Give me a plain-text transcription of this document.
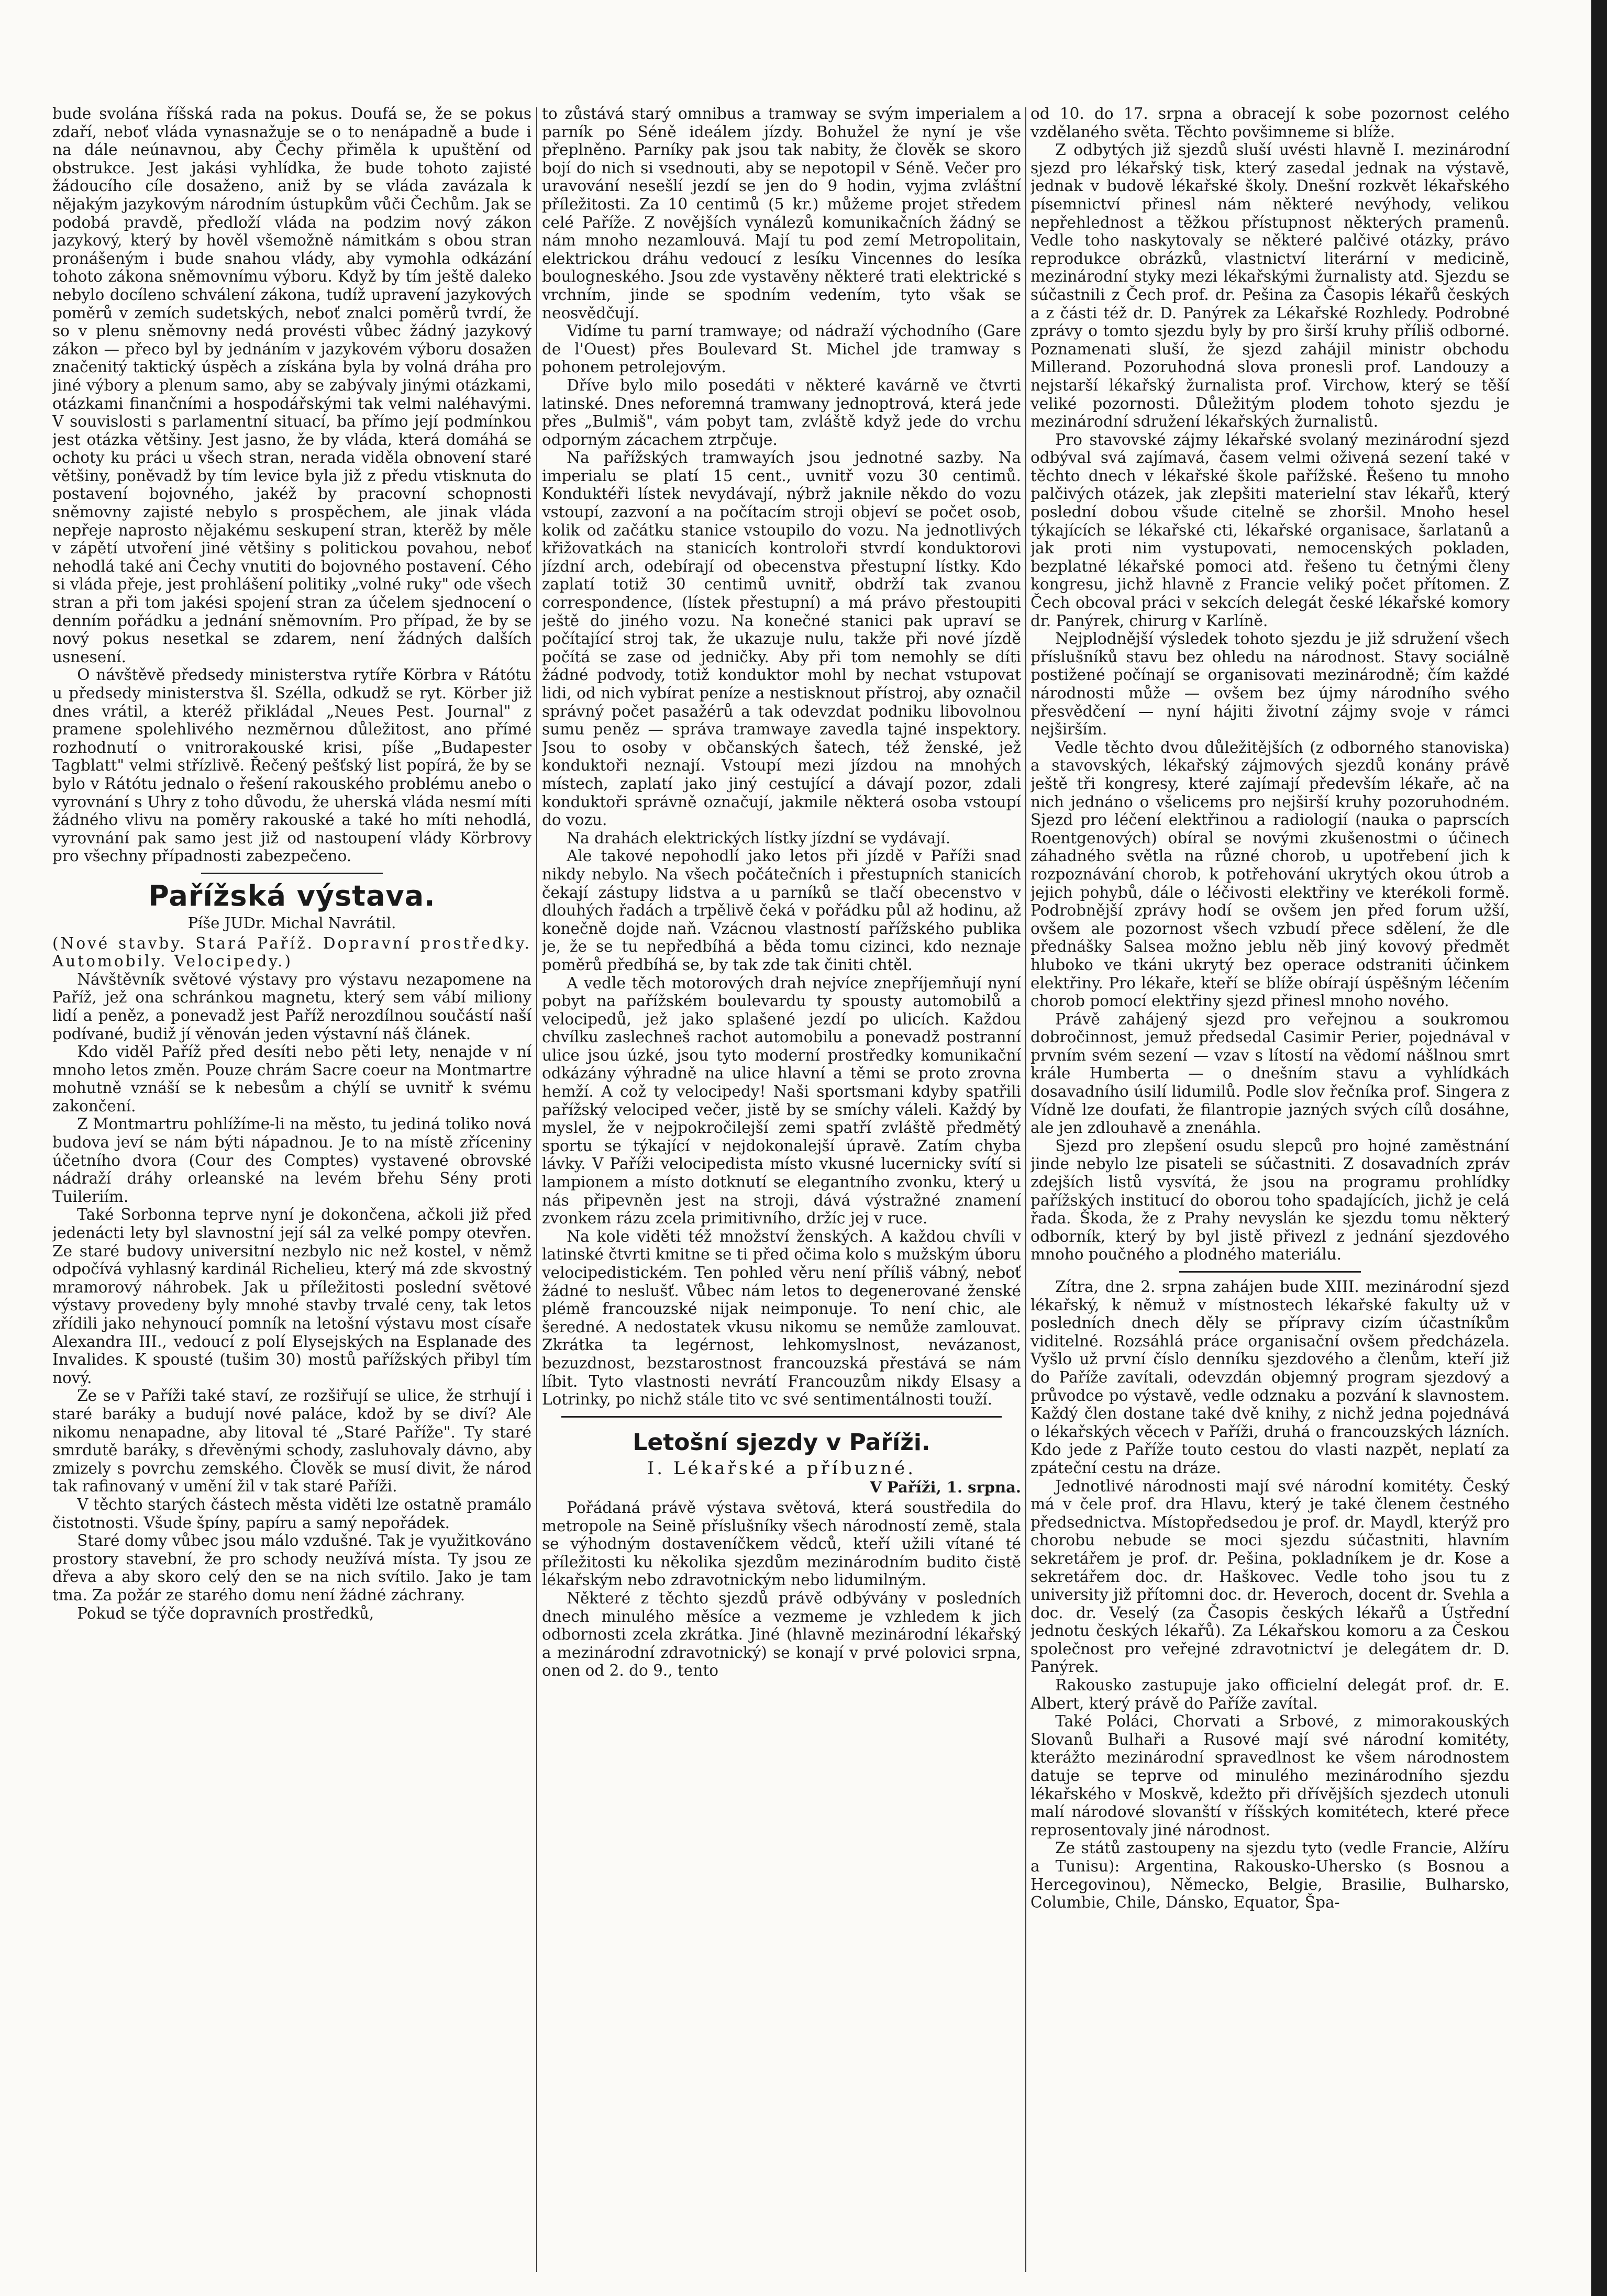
bude svolána říšská rada na pokus. Doufá se, že se pokus zdaří, neboť vláda vynasnažuje se o to nenápadně a bude i na dále neúnavnou, aby Čechy přiměla k upuštění od obstrukce. Jest jakási vyhlídka, že bude tohoto zajisté žádoucího cíle dosaženo, aniž by se vláda zavázala k nějakým jazykovým národním ústupkům vůči Čechům. Jak se podobá pravdě, předloží vláda na podzim nový zákon jazykový, který by hověl všemožně námitkám s obou stran pronášeným i bude snahou vlády, aby vymohla odkázání tohoto zákona sněmovnímu výboru. Když by tím ještě daleko nebylo docíleno schválení zákona, tudíž upravení jazykových poměrů v zemích sudetských, neboť znalci poměrů tvrdí, že so v plenu sněmovny nedá provésti vůbec žádný jazykový zákon — přeco byl by jednáním v jazykovém výboru dosažen značenitý taktický úspěch a získána byla by volná dráha pro jiné výbory a plenum samo, aby se zabývaly jinými otázkami, otázkami finančními a hospodářskými tak velmi naléhavými. V souvislosti s parlamentní situací, ba přímo její podmínkou jest otázka většiny. Jest jasno, že by vláda, která domáhá se ochoty ku práci u všech stran, nerada viděla obnovení staré většiny, poněvadž by tím levice byla již z předu vtisknuta do postavení bojovného, jakéž by pracovní schopnosti sněmovny zajisté nebylo s prospěchem, ale jinak vláda nepřeje naprosto nějakému seskupení stran, kterěž by měle v zápětí utvoření jiné většiny s politickou povahou, neboť nehodlá také ani Čechy vnutiti do bojovného postavení. Cého si vláda přeje, jest prohlášení politiky „volné ruky" ode všech stran a při tom jakési spojení stran za účelem sjednocení o denním pořádku a jednání sněmovním. Pro případ, že by se nový pokus nesetkal se zdarem, není žádných dalších usnesení.

O návštěvě předsedy ministerstva rytíře Körbra v Rátótu u předsedy ministerstva šl. Szélla, odkudž se ryt. Körber již dnes vrátil, a kteréž přikládal „Neues Pest. Journal" z pramene spolehlivého nezměrnou důležitost, ano přímé rozhodnutí o vnitrorakouské krisi, píše „Budapester Tagblatt" velmi střízlivě. Řečený pešťský list popírá, že by se bylo v Rátótu jednalo o řešení rakouského problému anebo o vyrovnání s Uhry z toho důvodu, že uherská vláda nesmí míti žádného vlivu na poměry rakouské a také ho míti nehodlá, vyrovnání pak samo jest již od nastoupení vlády Körbrovy pro všechny případnosti zabezpečeno.

Pařížská výstava.
Píše JUDr. Michal Navrátil.

(Nové stavby. Stará Paříž. Dopravní prostředky. Automobily. Velocipedy.)

Návštěvník světové výstavy pro výstavu nezapomene na Paříž, jež ona schránkou magnetu, který sem vábí miliony lidí a peněz, a ponevadž jest Paříž nerozdílnou součástí naší podívané, budiž jí věnován jeden výstavní náš článek.

Kdo viděl Paříž před desíti nebo pěti lety, nenajde v ní mnoho letos změn. Pouze chrám Sacre coeur na Montmartre mohutně vznáší se k nebesům a chýlí se uvnitř k svému zakončení.

Z Montmartru pohlížíme-li na město, tu jediná toliko nová budova jeví se nám býti nápadnou. Je to na místě zříceniny účetního dvora (Cour des Comptes) vystavené obrovské nádraží dráhy orleanské na levém břehu Sény proti Tuileriím.

Také Sorbonna teprve nyní je dokončena, ačkoli již před jedenácti lety byl slavnostní její sál za velké pompy otevřen. Ze staré budovy universitní nezbylo nic než kostel, v němž odpočívá vyhlasný kardinál Richelieu, který má zde skvostný mramorový náhrobek. Jak u příležitosti poslední světové výstavy provedeny byly mnohé stavby trvalé ceny, tak letos zřídili jako nehynoucí pomník na letošní výstavu most císaře Alexandra III., vedoucí z polí Elysejských na Esplanade des Invalides. K spousté (tušim 30) mostů pařížských přibyl tím nový.

Ze se v Paříži také staví, ze rozšiřují se ulice, že strhují i staré baráky a budují nové paláce, kdož by se diví? Ale nikomu nenapadne, aby litoval té „Staré Paříže". Ty staré smrdutě baráky, s dřevěnými schody, zasluhovaly dávno, aby zmizely s povrchu zemského. Člověk se musí divit, že národ tak rafinovaný v umění žil v tak staré Paříži.

V těchto starých částech města viděti lze ostatně pramálo čistotnosti. Všude špíny, papíru a samý nepořádek.

Staré domy vůbec jsou málo vzdušné. Tak je využitkováno prostory stavební, že pro schody neužívá místa. Ty jsou ze dřeva a aby skoro celý den se na nich svítilo. Jako je tam tma. Za požár ze starého domu není žádné záchrany.

Pokud se týče dopravních prostředků,

to zůstává starý omnibus a tramway se svým imperialem a parník po Séně ideálem jízdy. Bohužel že nyní je vše přeplněno. Parníky pak jsou tak nabity, že člověk se skoro bojí do nich si vsednouti, aby se nepotopil v Séně. Večer pro uravování nesešlí jezdí se jen do 9 hodin, vyjma zvláštní příležitosti. Za 10 centimů (5 kr.) můžeme projet středem celé Paříže. Z novějších vynálezů komunikačních žádný se nám mnoho nezamlouvá. Mají tu pod zemí Metropolitain, elektrickou dráhu vedoucí z lesíku Vincennes do lesíka boulogneského. Jsou zde vystavěny některé trati elektrické s vrchním, jinde se spodním vedením, tyto však se neosvědčují.

Vidíme tu parní tramwaye; od nádraží východního (Gare de l'Ouest) přes Boulevard St. Michel jde tramway s pohonem petrolejovým.

Dříve bylo milo posedáti v některé kavárně ve čtvrti latinské. Dnes neforemná tramwany jednoptrová, která jede přes „Bulmiš", vám pobyt tam, zvláště když jede do vrchu odporným zácachem ztrpčuje.

Na pařížských tramwayích jsou jednotné sazby. Na imperialu se platí 15 cent., uvnitř vozu 30 centimů. Konduktéři lístek nevydávají, nýbrž jaknile někdo do vozu vstoupí, zazvoní a na počítacím stroji objeví se počet osob, kolik od začátku stanice vstoupilo do vozu. Na jednotlivých křižovatkách na stanicích kontroloři stvrdí konduktorovi jízdní arch, odebírají od obecenstva přestupní lístky. Kdo zaplatí totiž 30 centimů uvnitř, obdrží tak zvanou correspondence, (lístek přestupní) a má právo přestoupiti ještě do jiného vozu. Na konečné stanici pak upraví se počítající stroj tak, že ukazuje nulu, takže při nové jízdě počítá se zase od jedničky. Aby při tom nemohly se díti žádné podvody, totiž konduktor mohl by nechat vstupovat lidi, od nich vybírat peníze a nestisknout přístroj, aby označil správný počet pasažérů a tak odevzdat podniku libovolnou sumu peněz — správa tramwaye zavedla tajné inspektory. Jsou to osoby v občanských šatech, též ženské, jež konduktoři neznají. Vstoupí mezi jízdou na mnohých místech, zaplatí jako jiný cestující a dávají pozor, zdali konduktoři správně označují, jakmile některá osoba vstoupí do vozu.

Na drahách elektrických lístky jízdní se vydávají.

Ale takové nepohodlí jako letos při jízdě v Paříži snad nikdy nebylo. Na všech počátečních i přestupních stanicích čekají zástupy lidstva a u parníků se tlačí obecenstvo v dlouhých řadách a trpělivě čeká v pořádku půl až hodinu, až konečně dojde naň. Vzácnou vlastností pařížského publika je, že se tu nepředbíhá a běda tomu cizinci, kdo neznaje poměrů předbíhá se, by tak zde tak činiti chtěl.

A vedle těch motorových drah nejvíce znepříjemňují nyní pobyt na pařížském boulevardu ty spousty automobilů a velocipedů, jež jako splašené jezdí po ulicích. Každou chvílku zaslechneš rachot automobilu a ponevadž postranní ulice jsou úzké, jsou tyto moderní prostředky komunikační odkázány výhradně na ulice hlavní a těmi se proto zrovna hemží. A což ty velocipedy! Naši sportsmani kdyby spatřili pařížský velociped večer, jistě by se smíchy váleli. Každý by myslel, že v nejpokročilejší zemi spatří zvláště předmětý sportu se týkající v nejdokonalejší úpravě. Zatím chyba lávky. V Paříži velocipedista místo vkusné lucernicky svítí si lampionem a místo dotknutí se elegantního zvonku, který u nás připevněn jest na stroji, dává výstražné znamení zvonkem rázu zcela primitivního, držíc jej v ruce.

Na kole viděti též množství ženských. A každou chvíli v latinské čtvrti kmitne se ti před očima kolo s mužským úboru velocipedistickém. Ten pohled věru není příliš vábný, neboť žádné to neslušť. Vůbec nám letos to degenerované ženské plémě francouzské nijak neimponuje. To není chic, ale šeredné. A nedostatek vkusu nikomu se nemůže zamlouvat. Zkrátka ta legérnost, lehkomyslnost, nevázanost, bezuzdnost, bezstarostnost francouzská přestává se nám líbit. Tyto vlastnosti nevrátí Francouzům nikdy Elsasy a Lotrinky, po nichž stále tito vc své sentimentálnosti touží.

Letošní sjezdy v Paříži.
I. Lékařské a příbuzné.
V Paříži, 1. srpna.

Pořádaná právě výstava světová, která soustředila do metropole na Seině příslušníky všech národností země, stala se výhodným dostaveníčkem vědců, kteří užili vítané té příležitosti ku několika sjezdům mezinárodním budito čistě lékařským nebo zdravotnickým nebo lidumilným.

Některé z těchto sjezdů právě odbývány v posledních dnech minulého měsíce a vezmeme je vzhledem k jich odbornosti zcela zkrátka. Jiné (hlavně mezinárodní lékařský a mezinárodní zdravotnický) se konají v prvé polovici srpna, onen od 2. do 9., tento

od 10. do 17. srpna a obracejí k sobe pozornost celého vzdělaného světa. Těchto povšimneme si blíže.

Z odbytých již sjezdů sluší uvésti hlavně I. mezinárodní sjezd pro lékařský tisk, který zasedal jednak na výstavě, jednak v budově lékařské školy. Dnešní rozkvět lékařského písemnictví přinesl nám některé nevýhody, velikou nepřehlednost a těžkou přístupnost některých pramenů. Vedle toho naskytovaly se některé palčivé otázky, právo reprodukce obrázků, vlastnictví literární v medicině, mezinárodní styky mezi lékařskými žurnalisty atd. Sjezdu se súčastnili z Čech prof. dr. Pešina za Časopis lékařů českých a z části též dr. D. Panýrek za Lékařské Rozhledy. Podrobné zprávy o tomto sjezdu byly by pro širší kruhy příliš odborné. Poznamenati sluší, že sjezd zahájil ministr obchodu Millerand. Pozoruhodná slova pronesli prof. Landouzy a nejstarší lékařský žurnalista prof. Virchow, který se těší veliké pozornosti. Důležitým plodem tohoto sjezdu je mezinárodní sdružení lékařských žurnalistů.

Pro stavovské zájmy lékařské svolaný mezinárodní sjezd odbýval svá zajímavá, časem velmi oživená sezení také v těchto dnech v lékařské škole pařížské. Řešeno tu mnoho palčivých otázek, jak zlepšiti materielní stav lékařů, který poslední dobou všude citelně se zhoršil. Mnoho hesel týkajících se lékařské cti, lékařské organisace, šarlatanů a jak proti nim vystupovati, nemocenských pokladen, bezplatné lékařské pomoci atd. řešeno tu četnými členy kongresu, jichž hlavně z Francie veliký počet přítomen. Z Čech obcoval práci v sekcích delegát české lékařské komory dr. Panýrek, chirurg v Karlíně.

Nejplodnější výsledek tohoto sjezdu je již sdružení všech příslušníků stavu bez ohledu na národnost. Stavy sociálně postižené počínají se organisovati mezinárodně; čím každé národnosti může — ovšem bez újmy národního svého přesvědčení — nyní hájiti životní zájmy svoje v rámci nejširším.

Vedle těchto dvou důležitějších (z odborného stanoviska) a stavovských, lékařský zájmových sjezdů konány právě ještě tři kongresy, které zajímají především lékaře, ač na nich jednáno o všelicems pro nejširší kruhy pozoruhodném. Sjezd pro léčení elektřinou a radiologií (nauka o paprscích Roentgenových) obíral se novými zkušenostmi o účinech záhadného světla na různé chorob, u upotřebení jich k rozpoznávání chorob, k potřehování ukrytých okou útrob a jejich pohybů, dále o léčivosti elektřiny ve kterékoli formě. Podrobnější zprávy hodí se ovšem jen před forum užší, ovšem ale pozornost všech vzbudí přece sdělení, že dle přednášky Salsea možno jeblu něb jiný kovový předmět hluboko ve tkáni ukrytý bez operace odstraniti účinkem elektřiny. Pro lékaře, kteří se blíže obírají úspěšným léčením chorob pomocí elektřiny sjezd přinesl mnoho nového.

Právě zahájený sjezd pro veřejnou a soukromou dobročinnost, jemuž předsedal Casimir Perier, pojednával v prvním svém sezení — vzav s lítostí na vědomí nášlnou smrt krále Humberta — o dnešním stavu a vyhlídkách dosavadního úsilí lidumilů. Podle slov řečníka prof. Singera z Vídně lze doufati, že filantropie jazných svých cílů dosáhne, ale jen zdlouhavě a znenáhla.

Sjezd pro zlepšení osudu slepců pro hojné zaměstnání jinde nebylo lze pisateli se súčastniti. Z dosavadních zpráv zdejších listů vysvítá, že jsou na programu prohlídky pařížských institucí do oborou toho spadajících, jichž je celá řada. Škoda, že z Prahy nevyslán ke sjezdu tomu některý odborník, který by byl jistě přivezl z jednání sjezdového mnoho poučného a plodného materiálu.

Zítra, dne 2. srpna zahájen bude XIII. mezinárodní sjezd lékařský, k němuž v místnostech lékařské fakulty už v posledních dnech děly se přípravy cizím účastníkům viditelné. Rozsáhlá práce organisační ovšem předcházela. Vyšlo už první číslo denníku sjezdového a členům, kteří již do Paříže zavítali, odevzdán objemný program sjezdový a průvodce po výstavě, vedle odznaku a pozvání k slavnostem. Každý člen dostane také dvě knihy, z nichž jedna pojednává o lékařských věcech v Paříži, druhá o francouzských lázních. Kdo jede z Paříže touto cestou do vlasti nazpět, neplatí za zpáteční cestu na dráze.

Jednotlivé národnosti mají své národní komitéty. Český má v čele prof. dra Hlavu, který je také členem čestného předsednictva. Místopředsedou je prof. dr. Maydl, kterýž pro chorobu nebude se moci sjezdu súčastniti, hlavním sekretářem je prof. dr. Pešina, pokladníkem je dr. Kose a sekretářem doc. dr. Haškovec. Vedle toho jsou tu z university již přítomni doc. dr. Heveroch, docent dr. Svehla a doc. dr. Veselý (za Časopis českých lékařů a Ústřední jednotu českých lékařů). Za Lékařskou komoru a za Českou společnost pro veřejné zdravotnictví je delegátem dr. D. Panýrek.

Rakousko zastupuje jako officielní delegát prof. dr. E. Albert, který právě do Paříže zavítal.

Také Poláci, Chorvati a Srbové, z mimorakouských Slovanů Bulhaři a Rusové mají své národní komitéty, kterážto mezinárodní spravedlnost ke všem národnostem datuje se teprve od minulého mezinárodního sjezdu lékařského v Moskvě, kdežto při dřívějších sjezdech utonuli malí národové slovanští v říšských komitétech, které přece reprosentovaly jiné národnost.

Ze států zastoupeny na sjezdu tyto (vedle Francie, Alžíru a Tunisu): Argentina, Rakousko-Uhersko (s Bosnou a Hercegovinou), Německo, Belgie, Brasilie, Bulharsko, Columbie, Chile, Dánsko, Equator, Špa-
